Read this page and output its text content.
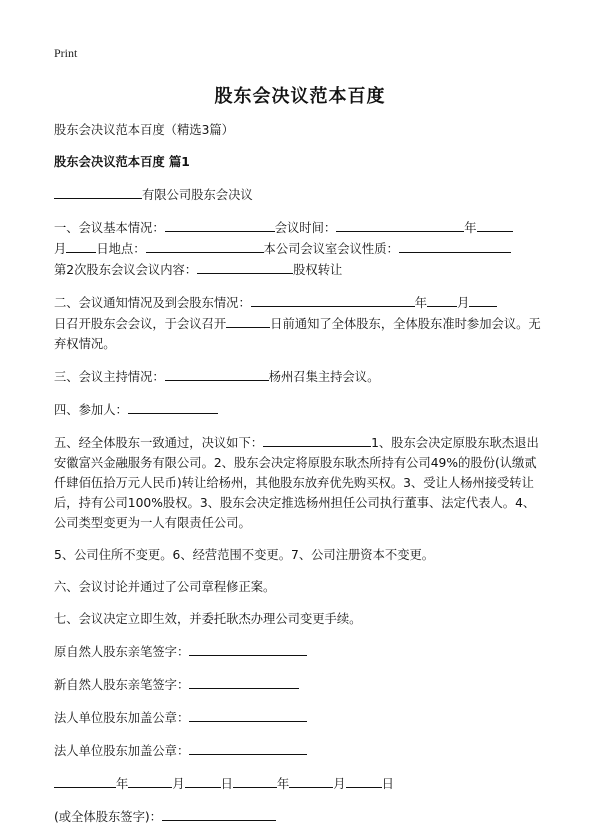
Print
股东会决议范本百度

股东会决议范本百度（精选3篇）

股东会决议范本百度 篇1

有限公司股东会决议

一、会议基本情况：	会议时间：	年
月 日地点：	本公司会议室会议性质：
第2次股东会议会议内容：	股权转让

二、会议通知情况及到会股东情况：	年 月
日召开股东会会议，于会议召开	日前通知了全体股东，全体股东准时参加会议。无弃权情况。

三、会议主持情况：	杨州召集主持会议。

四、参加人：

五、经全体股东一致通过，决议如下：	1、股东会决定原股东耿杰退出安徽富兴金融服务有限公司。2、股东会决定将原股东耿杰所持有公司49%的股份(认缴贰仟肆佰伍拾万元人民币)转让给杨州，其他股东放弃优先购买权。3、受让人杨州接受转让后，持有公司100%股权。3、股东会决定推选杨州担任公司执行董事、法定代表人。4、公司类型变更为一人有限责任公司。

5、公司住所不变更。6、经营范围不变更。7、公司注册资本不变更。

六、会议讨论并通过了公司章程修正案。

七、会议决定立即生效，并委托耿杰办理公司变更手续。

原自然人股东亲笔签字：

新自然人股东亲笔签字：

法人单位股东加盖公章：

法人单位股东加盖公章：

年	月	日	年	月	日

(或全体股东签字)：
